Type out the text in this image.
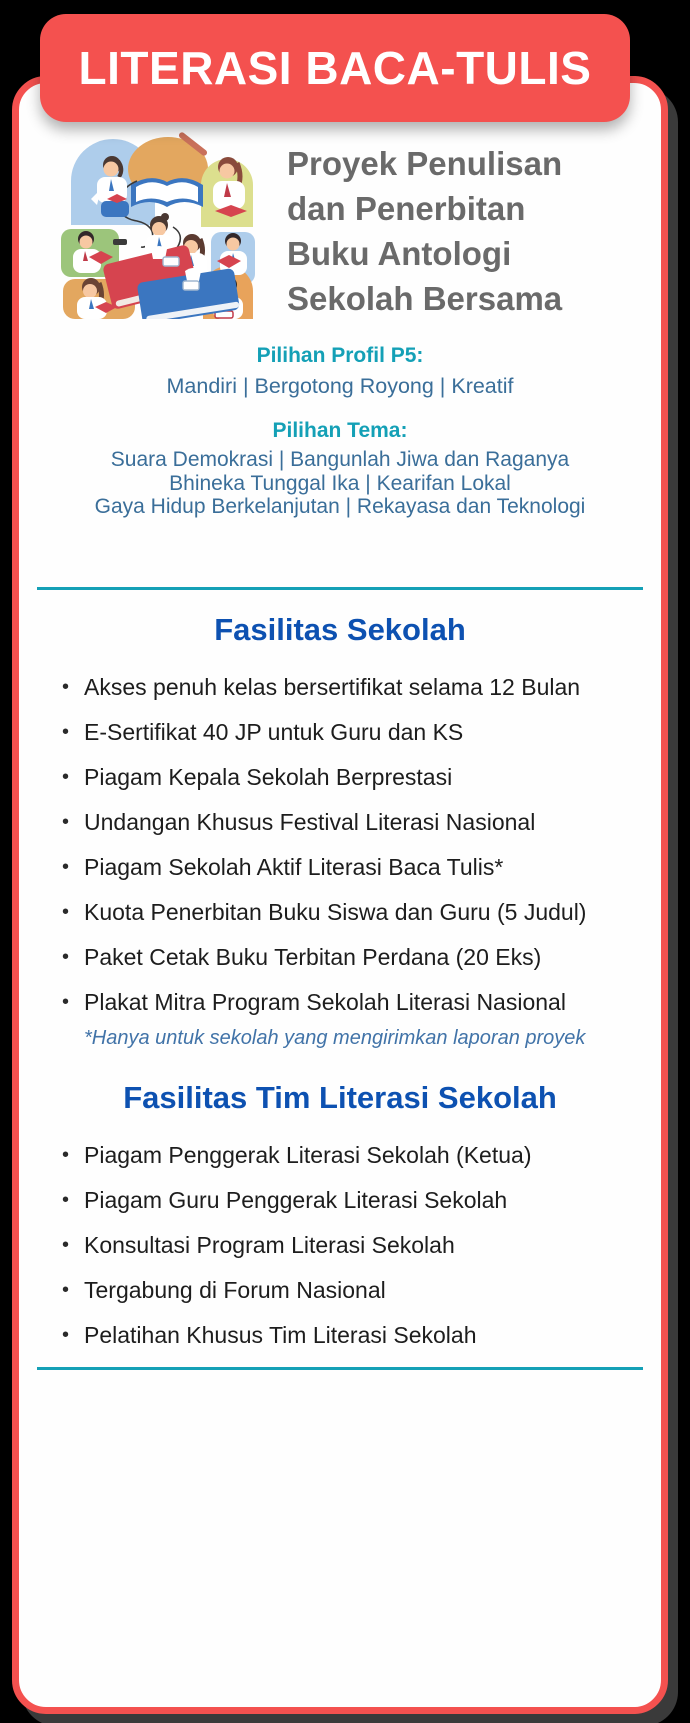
Proyek Penulisan
dan Penerbitan
Buku Antologi
Sekolah Bersama
Pilihan Profil P5:
Mandiri | Bergotong Royong | Kreatif
Pilihan Tema:
Suara Demokrasi | Bangunlah Jiwa dan Raganya
Bhineka Tunggal Ika | Kearifan Lokal
Gaya Hidup Berkelanjutan | Rekayasa dan Teknologi
Fasilitas Sekolah
• Akses penuh kelas bersertifikat selama 12 Bulan
• E-Sertifikat 40 JP untuk Guru dan KS
• Piagam Kepala Sekolah Berprestasi
• Undangan Khusus Festival Literasi Nasional
• Piagam Sekolah Aktif Literasi Baca Tulis*
• Kuota Penerbitan Buku Siswa dan Guru (5 Judul)
• Paket Cetak Buku Terbitan Perdana (20 Eks)
• Plakat Mitra Program Sekolah Literasi Nasional
*Hanya untuk sekolah yang mengirimkan laporan proyek
Fasilitas Tim Literasi Sekolah
• Piagam Penggerak Literasi Sekolah (Ketua)
• Piagam Guru Penggerak Literasi Sekolah
• Konsultasi Program Literasi Sekolah
• Tergabung di Forum Nasional
• Pelatihan Khusus Tim Literasi Sekolah
LITERASI BACA-TULIS
